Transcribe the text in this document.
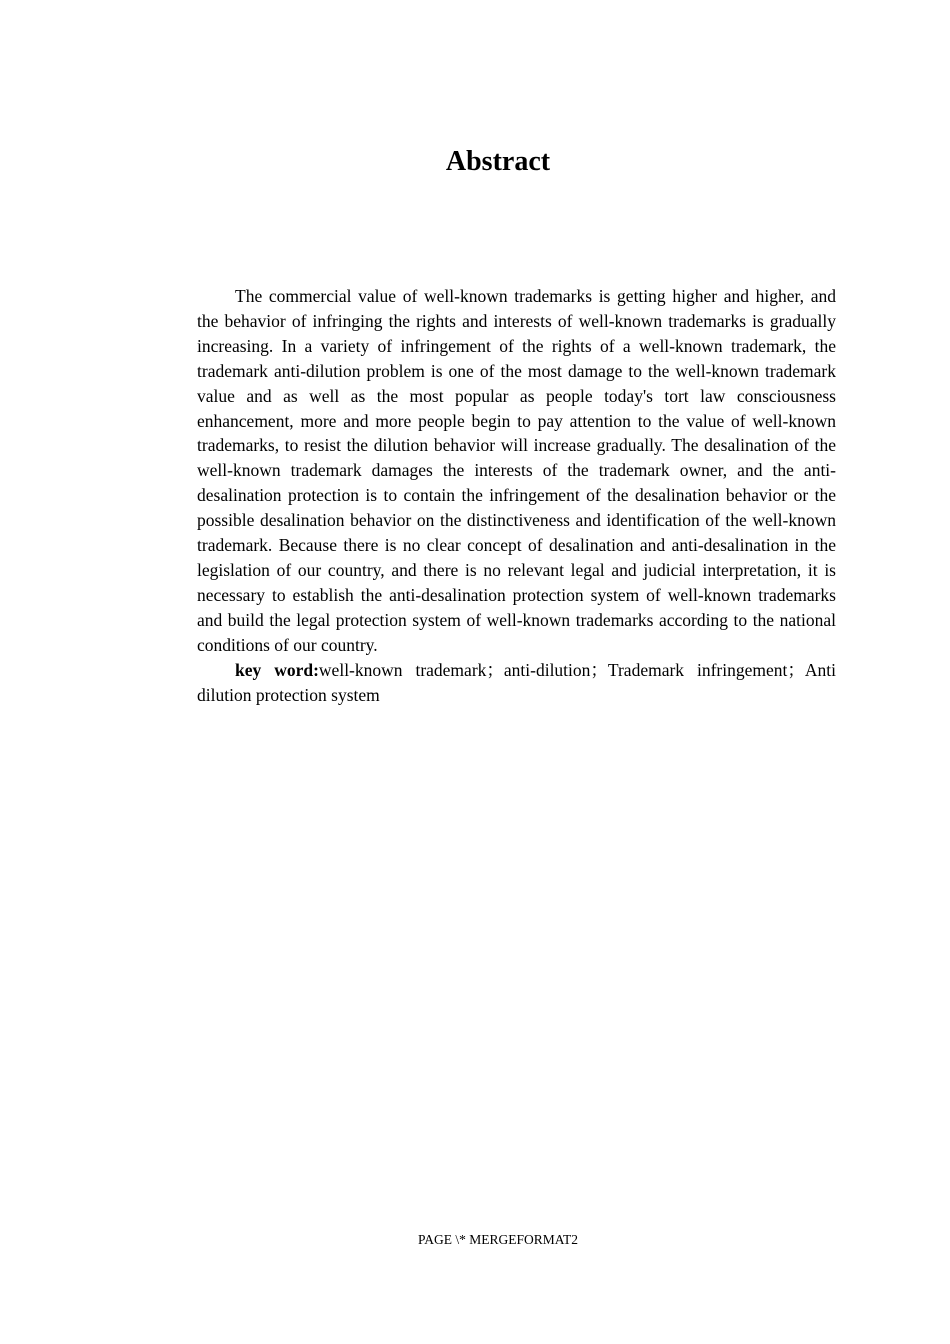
Abstract

The commercial value of well-known trademarks is getting higher and higher, and the behavior of infringing the rights and interests of well-known trademarks is gradually increasing. In a variety of infringement of the rights of a well-known trademark, the trademark anti-dilution problem is one of the most damage to the well-known trademark value and as well as the most popular as people today's tort law consciousness enhancement, more and more people begin to pay attention to the value of well-known trademarks, to resist the dilution behavior will increase gradually. The desalination of the well-known trademark damages the interests of the trademark owner, and the anti-desalination protection is to contain the infringement of the desalination behavior or the possible desalination behavior on the distinctiveness and identification of the well-known trademark. Because there is no clear concept of desalination and anti-desalination in the legislation of our country, and there is no relevant legal and judicial interpretation, it is necessary to establish the anti-desalination protection system of well-known trademarks and build the legal protection system of well-known trademarks according to the national conditions of our country.

key word:well-known trademark；anti-dilution；Trademark infringement；Anti dilution protection system

PAGE \* MERGEFORMAT2
